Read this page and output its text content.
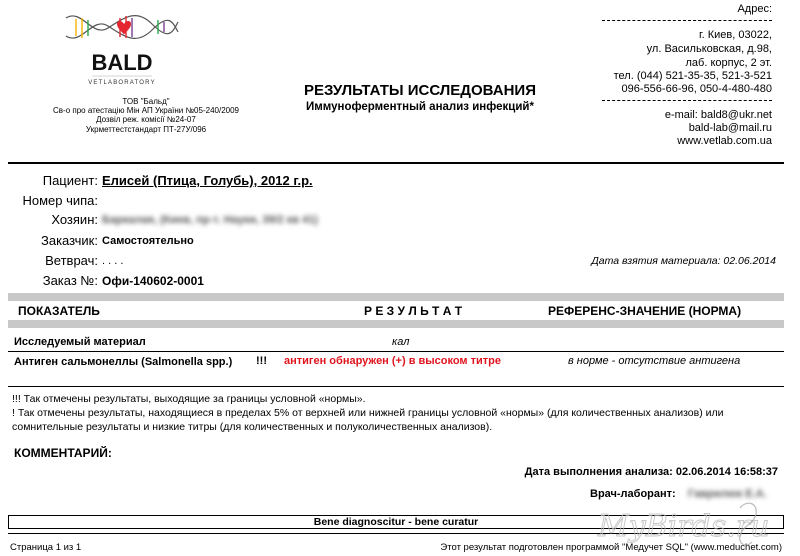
BALD
VETLABORATORY
ТОВ "Бальд"
Св-о про атестацію Мін АП України №05-240/2009
Дозвіл реж. комісії №24-07
Укрметтестстандарт ПТ-27У/096
РЕЗУЛЬТАТЫ ИССЛЕДОВАНИЯ
Иммуноферментный анализ инфекций*
Адрес:
г. Киев, 03022,
ул. Васильковская, д.98,
лаб. корпус, 2 эт.
тел. (044) 521-35-35, 521-3-521
096-556-66-96, 050-4-480-480
e-mail: bald8@ukr.net
bald-lab@mail.ru
www.vetlab.com.ua
Пациент: Елисей (Птица, Голубь), 2012 г.р.
Номер чипа:
Хозяин: Баркалая, (Киев, пр-т. Науки, 39/2 кв 41)
Заказчик: Самостоятельно
Ветврач: . . . .	Дата взятия материала: 02.06.2014
Заказ №: Офи-140602-0001
ПОКАЗАТЕЛЬ	Р Е З У Л Ь Т А Т	РЕФЕРЕНС-ЗНАЧЕНИЕ (НОРМА)
Исследуемый материал	кал
Антиген сальмонеллы (Salmonella spp.)	!!! антиген обнаружен (+) в высоком титре	в норме - отсутствие антигена
!!! Так отмечены результаты, выходящие за границы условной «нормы».
! Так отмечены результаты, находящиеся в пределах 5% от верхней или нижней границы условной «нормы» (для количественных анализов) или сомнительные результаты и низкие титры (для количественных и полуколичественных анализов).
КОММЕНТАРИЙ:
Дата выполнения анализа: 02.06.2014 16:58:37
Врач-лаборант: Гаврилюк Е.А.
Bene diagnoscitur - bene curatur
Страница 1 из 1	Этот результат подготовлен программой "Медучет SQL" (www.meduchet.com)
MyBirds.ru
